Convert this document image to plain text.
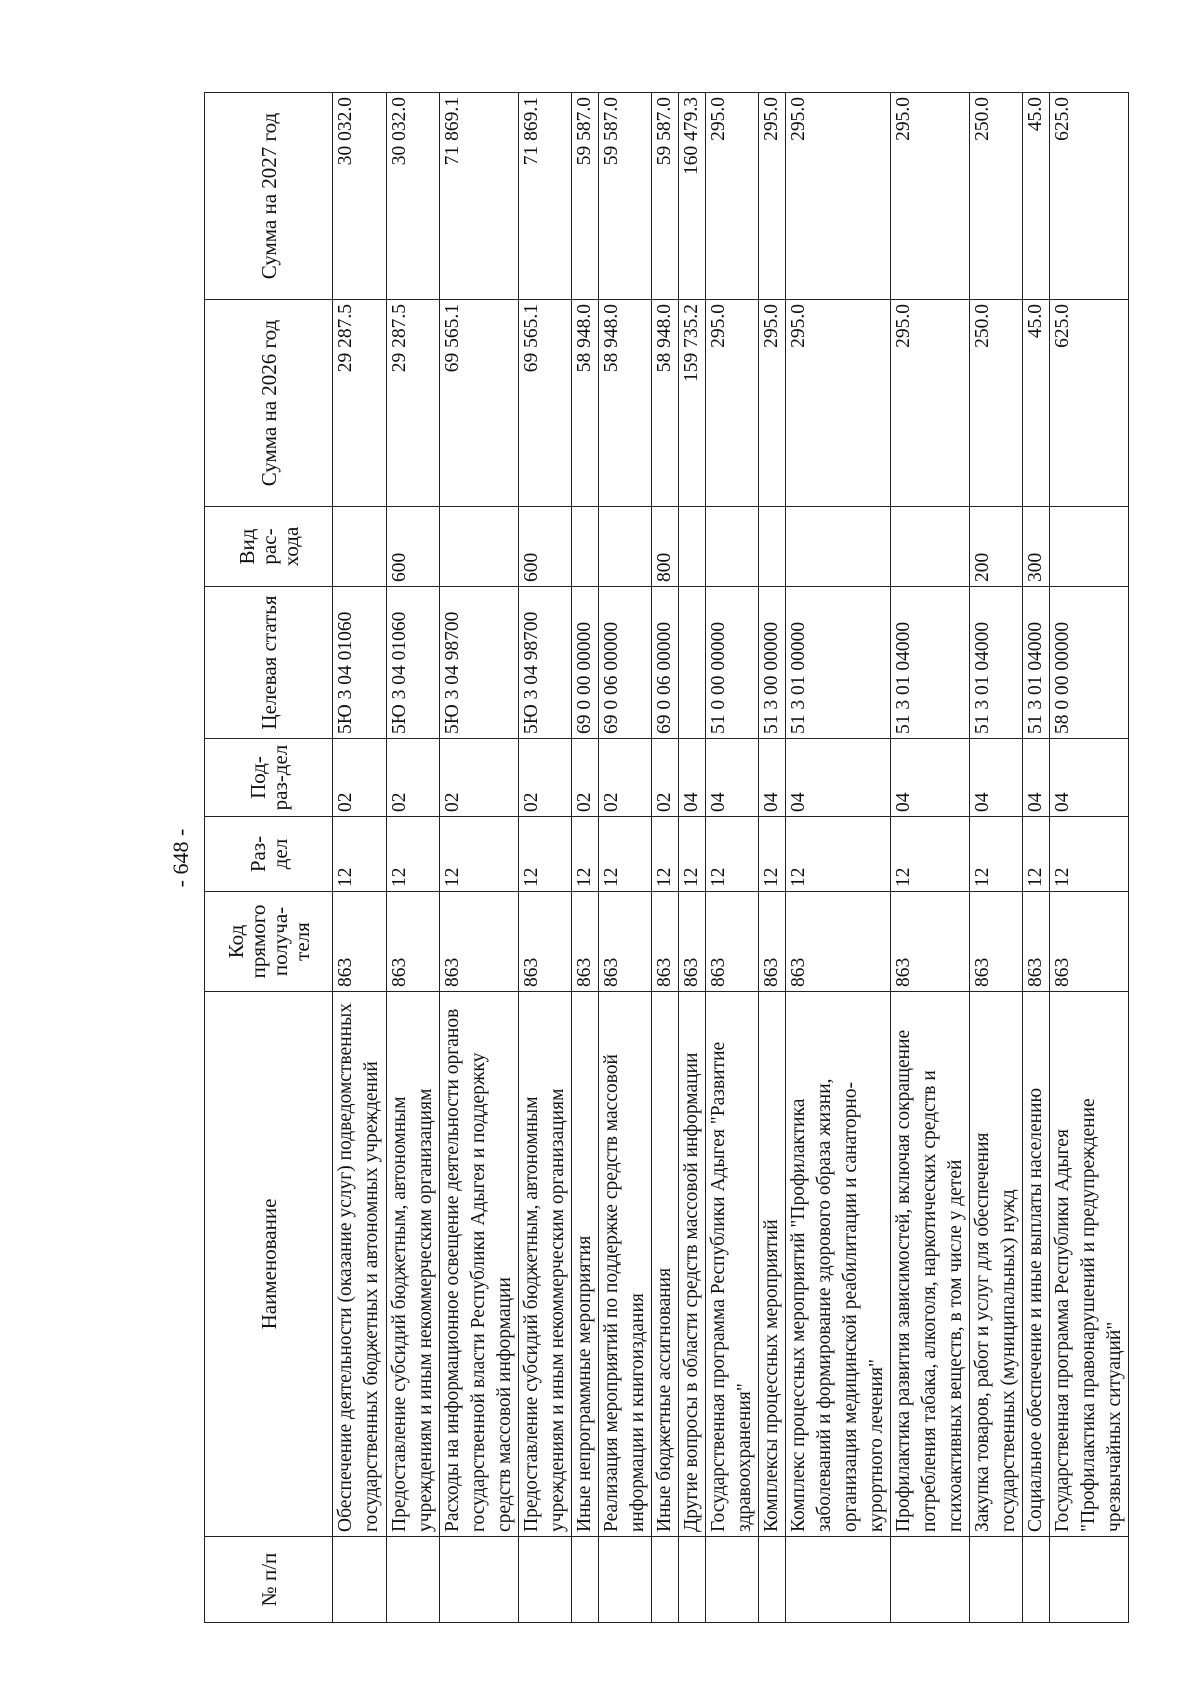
- 648 -
№ п/п	Наименование	Код прямого получа-теля	Раз-дел	Под-раз-дел	Целевая статья	Вид рас-хода	Сумма на 2026 год	Сумма на 2027 год
	Обеспечение деятельности (оказание услуг) подведомственных государственных бюджетных и автономных учреждений	863	12	02	5Ю 3 04 01060		29 287.5	30 032.0
	Предоставление субсидий бюджетным, автономным учреждениям и иным некоммерческим организациям	863	12	02	5Ю 3 04 01060	600	29 287.5	30 032.0
	Расходы на информационное освещение деятельности органов государственной власти Республики Адыгея и поддержку средств массовой информации	863	12	02	5Ю 3 04 98700		69 565.1	71 869.1
	Предоставление субсидий бюджетным, автономным учреждениям и иным некоммерческим организациям	863	12	02	5Ю 3 04 98700	600	69 565.1	71 869.1
	Иные непрограммные мероприятия	863	12	02	69 0 00 00000		58 948.0	59 587.0
	Реализация мероприятий по поддержке средств массовой информации и книгоиздания	863	12	02	69 0 06 00000		58 948.0	59 587.0
	Иные бюджетные ассигнования	863	12	02	69 0 06 00000	800	58 948.0	59 587.0
	Другие вопросы в области средств массовой информации	863	12	04			159 735.2	160 479.3
	Государственная программа Республики Адыгея "Развитие здравоохранения"	863	12	04	51 0 00 00000		295.0	295.0
	Комплексы процессных мероприятий	863	12	04	51 3 00 00000		295.0	295.0
	Комплекс процессных мероприятий "Профилактика заболеваний и формирование здорового образа жизни, организация медицинской реабилитации и санаторно-курортного лечения"	863	12	04	51 3 01 00000		295.0	295.0
	Профилактика развития зависимостей, включая сокращение потребления табака, алкоголя, наркотических средств и психоактивных веществ, в том числе у детей	863	12	04	51 3 01 04000		295.0	295.0
	Закупка товаров, работ и услуг для обеспечения государственных (муниципальных) нужд	863	12	04	51 3 01 04000	200	250.0	250.0
	Социальное обеспечение и иные выплаты населению	863	12	04	51 3 01 04000	300	45.0	45.0
	Государственная программа Республики Адыгея "Профилактика правонарушений и предупреждение чрезвычайных ситуаций"	863	12	04	58 0 00 00000		625.0	625.0
